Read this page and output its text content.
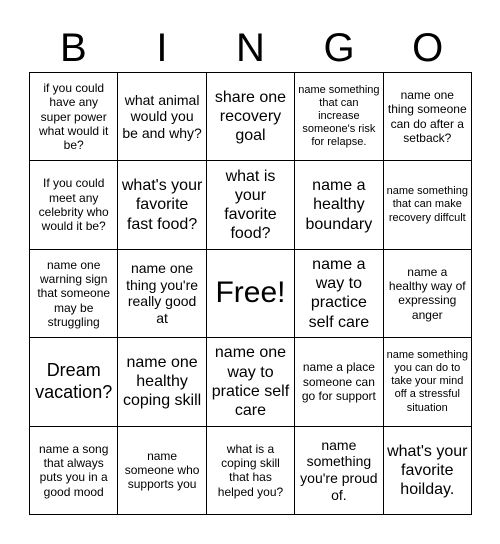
B	I	N	G	O
if you could have any super power what would it be?	what animal would you be and why?	share one recovery goal	name something that can increase someone's risk for relapse.	name one thing someone can do after a setback?
If you could meet any celebrity who would it be?	what's your favorite fast food?	what is your favorite food?	name a healthy boundary	name something that can make recovery diffcult
name one warning sign that someone may be struggling	name one thing you're really good at	Free!	name a way to practice self care	name a healthy way of expressing anger
Dream vacation?	name one healthy coping skill	name one way to pratice self care	name a place someone can go for support	name something you can do to take your mind off a stressful situation
name a song that always puts you in a good mood	name someone who supports you	what is a coping skill that has helped you?	name something you're proud of.	what's your favorite hoilday.
